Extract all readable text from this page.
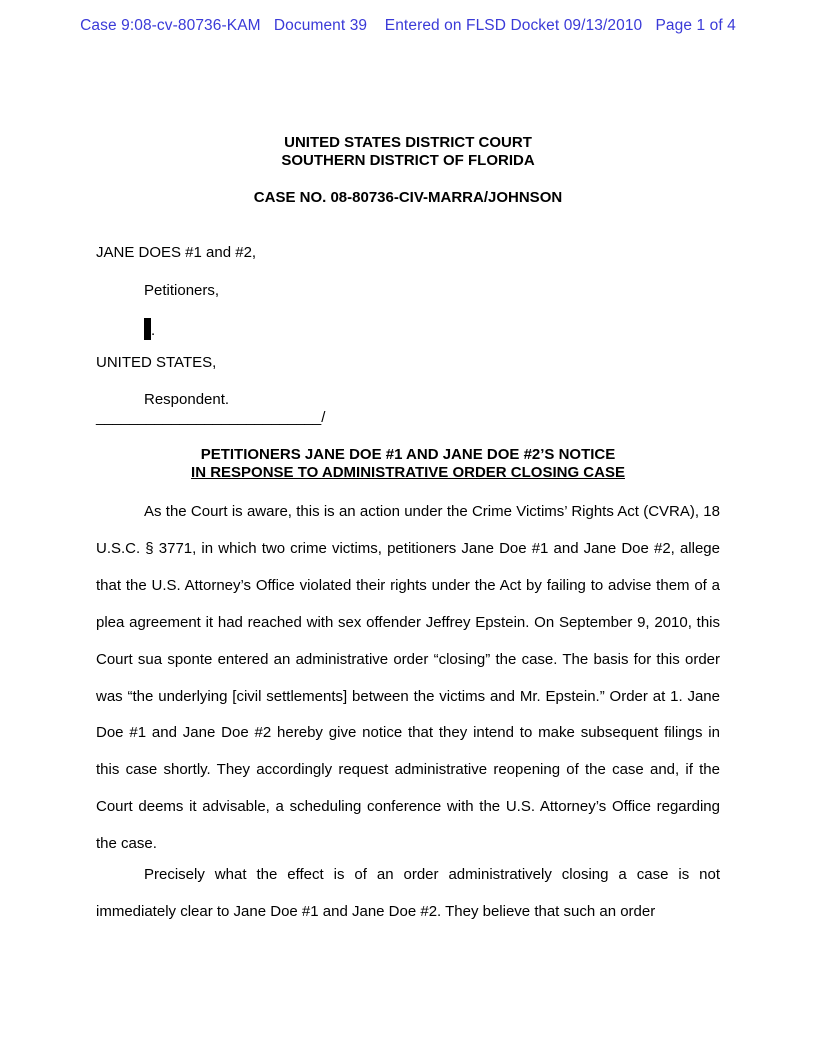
Case 9:08-cv-80736-KAM   Document 39    Entered on FLSD Docket 09/13/2010   Page 1 of 4
UNITED STATES DISTRICT COURT
SOUTHERN DISTRICT OF FLORIDA
CASE NO. 08-80736-CIV-MARRA/JOHNSON
JANE DOES #1 and #2,
Petitioners,
.
UNITED STATES,
Respondent.
___________________________/
PETITIONERS JANE DOE #1 AND JANE DOE #2’S NOTICE
IN RESPONSE TO ADMINISTRATIVE ORDER CLOSING CASE
As the Court is aware, this is an action under the Crime Victims’ Rights Act (CVRA), 18 U.S.C. § 3771, in which two crime victims, petitioners Jane Doe #1 and Jane Doe #2, allege that the U.S. Attorney’s Office violated their rights under the Act by failing to advise them of a plea agreement it had reached with sex offender Jeffrey Epstein. On September 9, 2010, this Court sua sponte entered an administrative order “closing” the case. The basis for this order was “the underlying [civil settlements] between the victims and Mr. Epstein.” Order at 1. Jane Doe #1 and Jane Doe #2 hereby give notice that they intend to make subsequent filings in this case shortly. They accordingly request administrative reopening of the case and, if the Court deems it advisable, a scheduling conference with the U.S. Attorney’s Office regarding the case.
Precisely what the effect is of an order administratively closing a case is not immediately clear to Jane Doe #1 and Jane Doe #2. They believe that such an order
